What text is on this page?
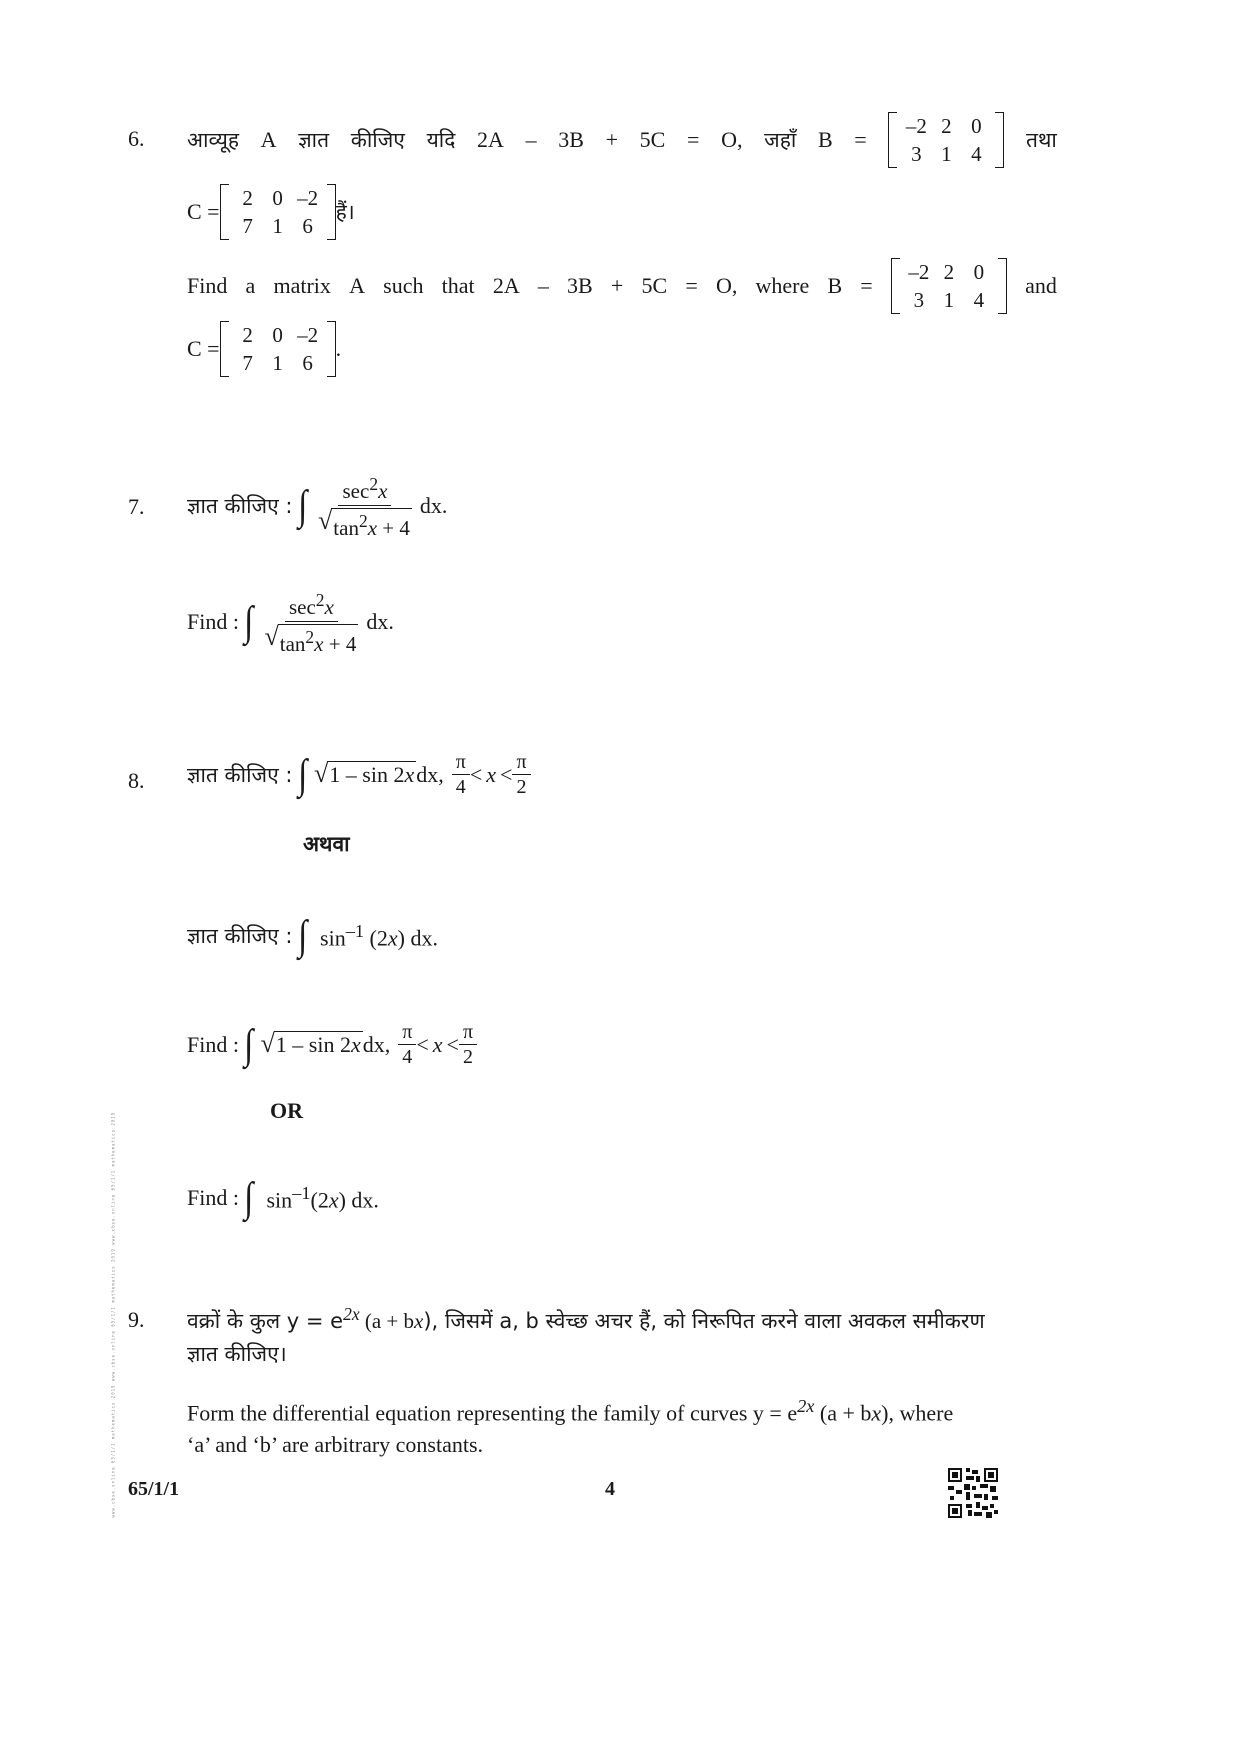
www.cbse.online 65/1/1 mathematics 2019 www.cbse.online 65/1/1 mathematics 2019 www.cbse.online 65/1/1 mathematics 2019
6. आव्यूह A ज्ञात कीजिए यदि 2A – 3B + 5C = O, जहाँ B =
–2 2 0
3 1 4
तथा
C =
2 0 –2
7 1 6
हैं।
Find a matrix A such that 2A – 3B + 5C = O, where B =
–2 2 0
3 1 4
and
C =
2 0 –2
7 1 6
.
7. ज्ञात कीजिए : ∫ $\frac{\sec^2x}{√ \tan^2x + 4}$ dx .
Find : ∫ $\frac{\sec^2x}{√ \tan^2x + 4}$ dx .
8. ज्ञात कीजिए : ∫ √ 1 – sin 2x dx, $\frac{\pi}{4} < x < \frac{\pi}{2}$
अथवा
ज्ञात कीजिए : ∫ $\sin^{-1} (2x)$ dx.
Find : ∫ √ 1 – sin 2x dx, $\frac{\pi}{4} < x < \frac{\pi}{2}$
OR
Find : ∫ $\sin^{-1}(2x)$ dx.
9. वक्रों के कुल $y = e^{2x}$ (a + bx), जिसमें a, b स्वेच्छ अचर हैं, को निरूपित करने वाला अवकल समीकरण
ज्ञात कीजिए।
Form the differential equation representing the family of curves $y = e^{2x}$ (a + bx), where
‘a’ and ‘b’ are arbitrary constants.
65/1/1	4
